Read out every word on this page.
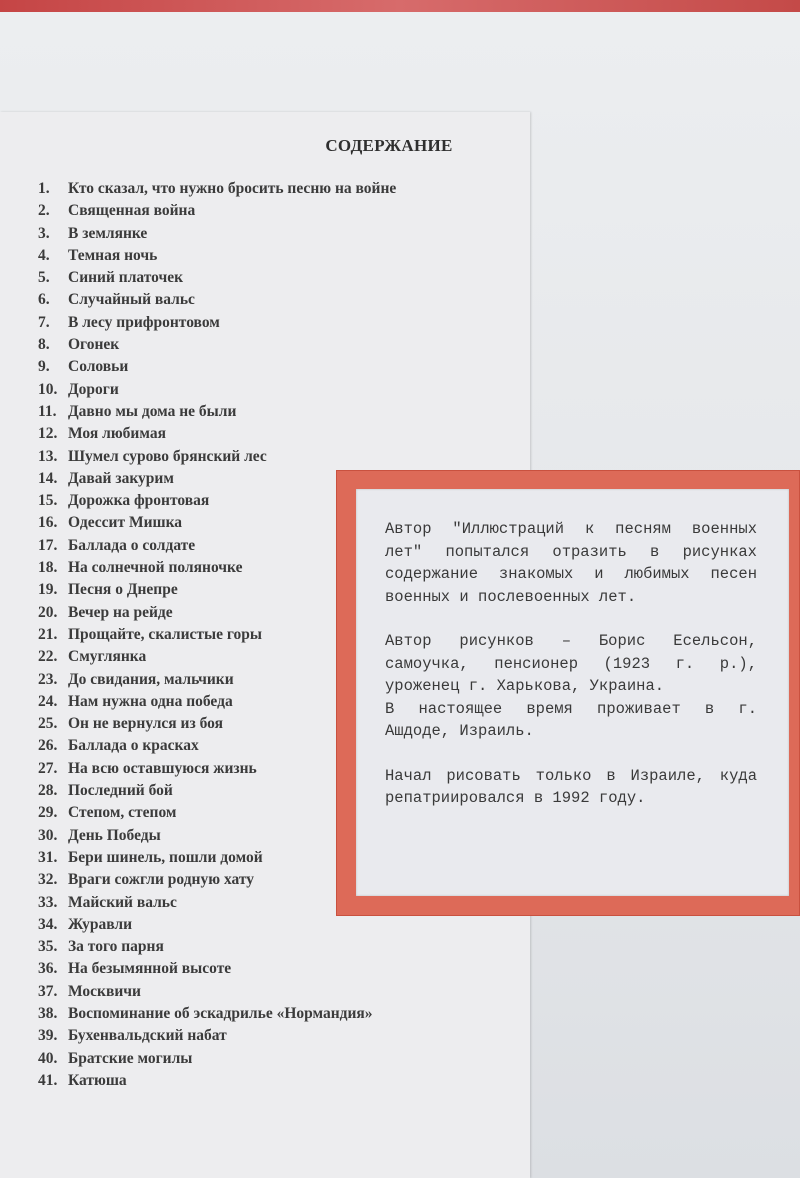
СОДЕРЖАНИЕ
1. Кто сказал, что нужно бросить песню на войне
2. Священная война
3. В землянке
4. Темная ночь
5. Синий платочек
6. Случайный вальс
7. В лесу прифронтовом
8. Огонек
9. Соловьи
10. Дороги
11. Давно мы дома не были
12. Моя любимая
13. Шумел сурово брянский лес
14. Давай закурим
15. Дорожка фронтовая
16. Одессит Мишка
17. Баллада о солдате
18. На солнечной поляночке
19. Песня о Днепре
20. Вечер на рейде
21. Прощайте, скалистые горы
22. Смуглянка
23. До свидания, мальчики
24. Нам нужна одна победа
25. Он не вернулся из боя
26. Баллада о красках
27. На всю оставшуюся жизнь
28. Последний бой
29. Степом, степом
30. День Победы
31. Бери шинель, пошли домой
32. Враги сожгли родную хату
33. Майский вальс
34. Журавли
35. За того парня
36. На безымянной высоте
37. Москвичи
38. Воспоминание об эскадрилье «Нормандия»
39. Бухенвальдский набат
40. Братские могилы
41. Катюша

Автор "Иллюстраций к песням военных лет" попытался отразить в рисунках содержание знакомых и любимых песен военных и послевоенных лет.

Автор рисунков – Борис Есельсон, самоучка, пенсионер (1923 г. р.), уроженец г. Харькова, Украина.

В настоящее время проживает в г. Ашдоде, Израиль.

Начал рисовать только в Израиле, куда репатриировался в 1992 году.
